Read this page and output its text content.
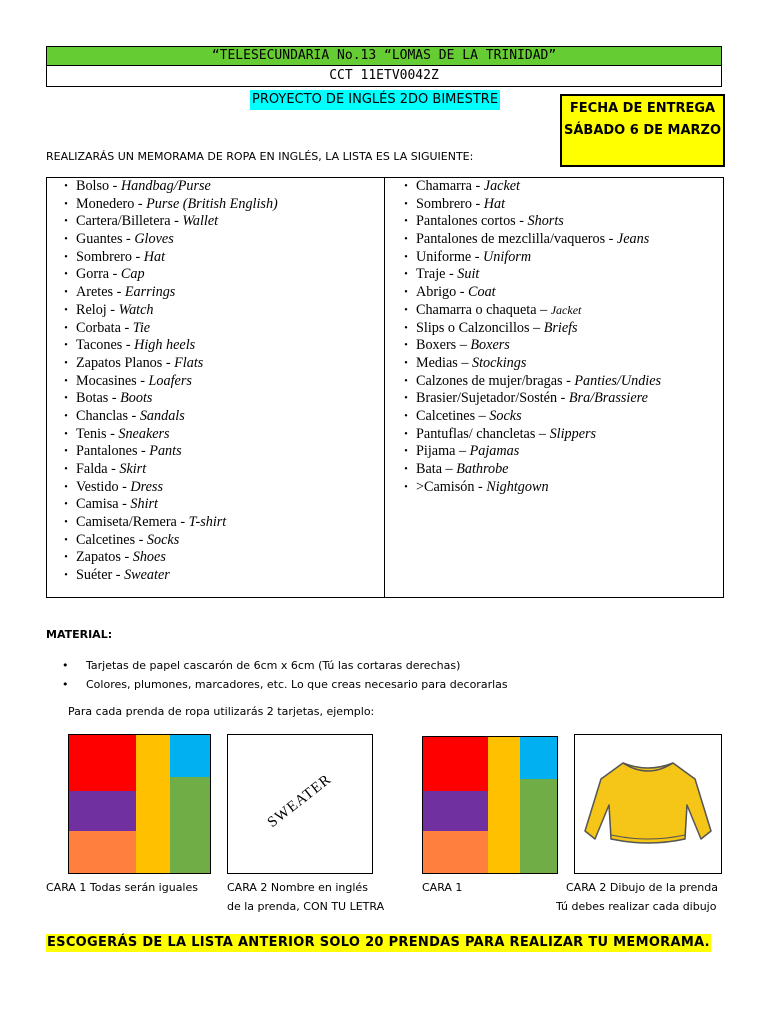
“TELESECUNDARIA No.13 “LOMAS DE LA TRINIDAD”
CCT 11ETV0042Z
PROYECTO DE INGLÉS 2DO BIMESTRE
FECHA DE ENTREGA SÁBADO 6 DE MARZO
REALIZARÁS UN MEMORAMA DE ROPA EN INGLÉS, LA LISTA ES LA SIGUIENTE:
• Bolso - Handbag/Purse
• Monedero - Purse (British English)
• Cartera/Billetera - Wallet
• Guantes - Gloves
• Sombrero - Hat
• Gorra - Cap
• Aretes - Earrings
• Reloj - Watch
• Corbata - Tie
• Tacones - High heels
• Zapatos Planos - Flats
• Mocasines - Loafers
• Botas - Boots
• Chanclas - Sandals
• Tenis - Sneakers
• Pantalones - Pants
• Falda - Skirt
• Vestido - Dress
• Camisa - Shirt
• Camiseta/Remera - T-shirt
• Calcetines - Socks
• Zapatos - Shoes
• Suéter - Sweater
• Chamarra - Jacket
• Sombrero - Hat
• Pantalones cortos - Shorts
• Pantalones de mezclilla/vaqueros - Jeans
• Uniforme - Uniform
• Traje - Suit
• Abrigo - Coat
• Chamarra o chaqueta – Jacket
• Slips o Calzoncillos – Briefs
• Boxers – Boxers
• Medias – Stockings
• Calzones de mujer/bragas - Panties/Undies
• Brasier/Sujetador/Sostén - Bra/Brassiere
• Calcetines – Socks
• Pantuflas/ chancletas – Slippers
• Pijama – Pajamas
• Bata – Bathrobe
• >Camisón - Nightgown
MATERIAL:
• Tarjetas de papel cascarón de 6cm x 6cm (Tú las cortaras derechas)
• Colores, plumones, marcadores, etc. Lo que creas necesario para decorarlas
Para cada prenda de ropa utilizarás 2 tarjetas, ejemplo:
SWEATER
CARA 1 Todas serán iguales	CARA 2 Nombre en inglés
de la prenda, CON TU LETRA
CARA 1	CARA 2 Dibujo de la prenda
Tú debes realizar cada dibujo
ESCOGERÁS DE LA LISTA ANTERIOR SOLO 20 PRENDAS PARA REALIZAR TU MEMORAMA.
